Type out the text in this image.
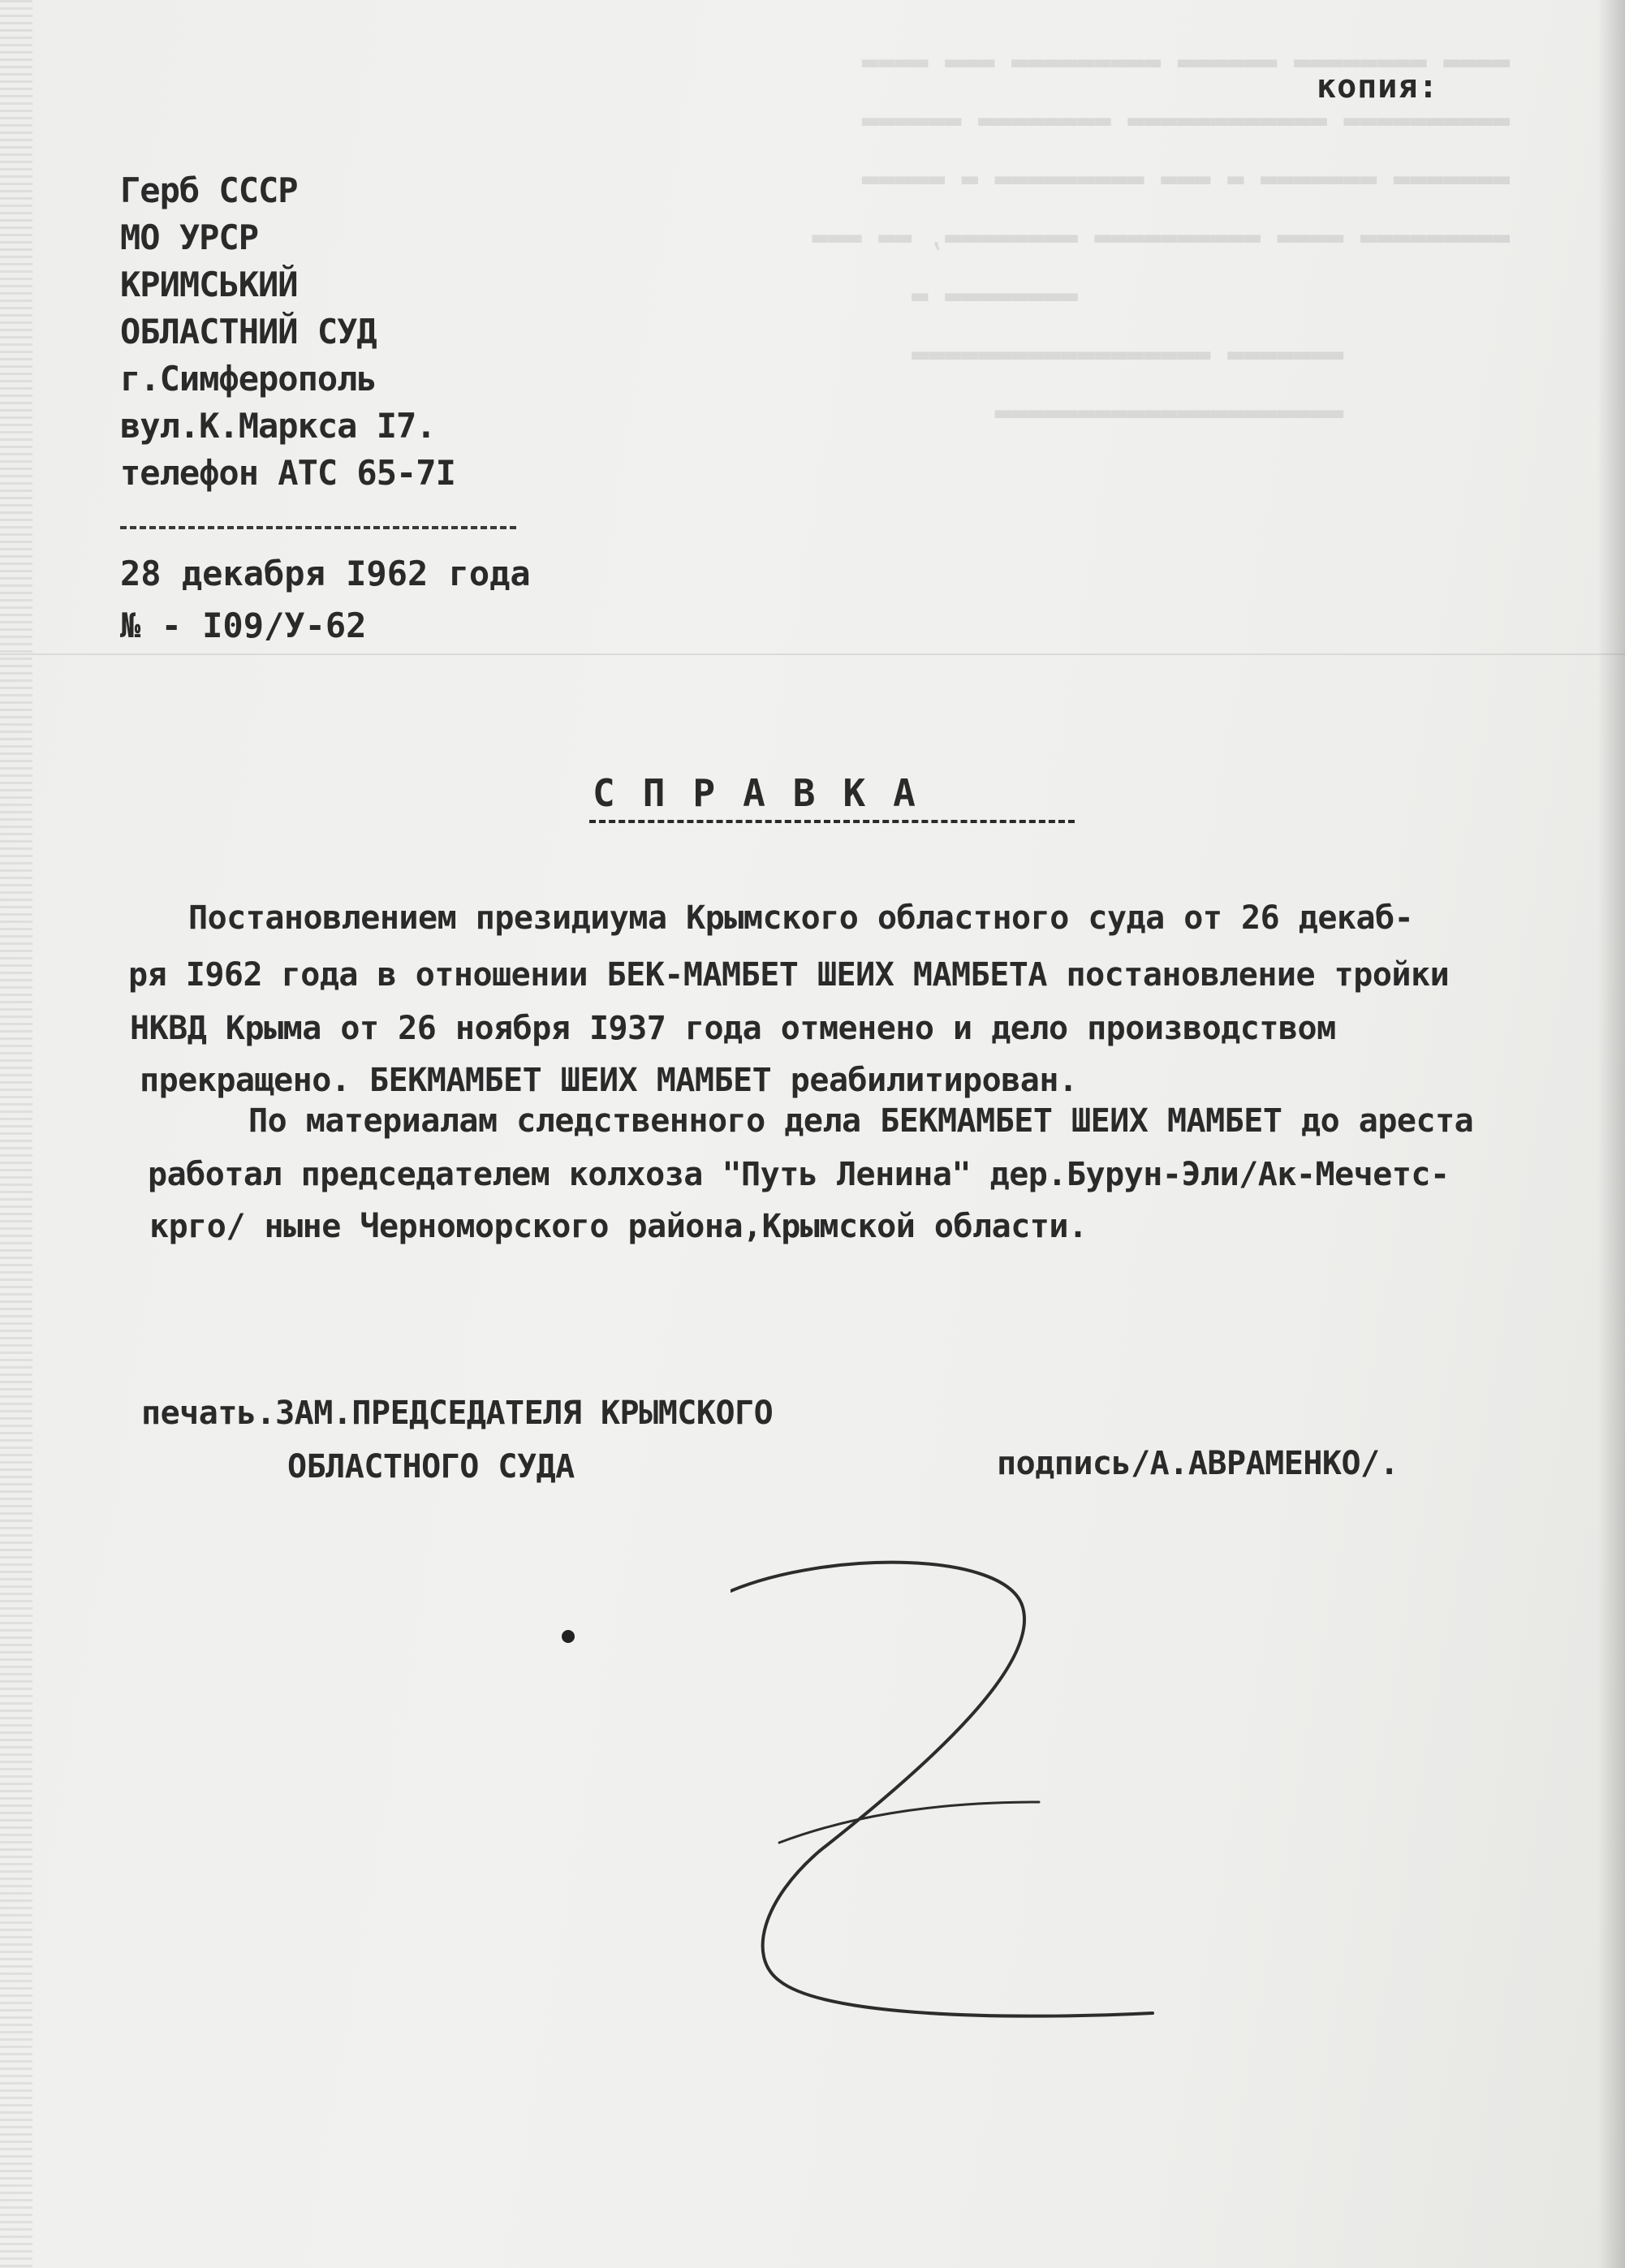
▬▬▬▬ ▬▬▬▬▬▬▬▬ ▬▬▬▬▬▬ ▬▬▬▬▬▬▬▬▬ ▬▬▬ ▬▬▬▬
▬▬▬▬▬▬▬▬▬▬ ▬▬▬▬▬▬▬▬▬▬▬▬ ▬▬▬▬▬▬▬▬ ▬▬▬▬▬▬
▬▬▬▬▬▬▬ ▬▬▬▬▬▬▬ ▬ ▬▬▬ ▬▬▬▬▬▬▬▬▬ ▬ ▬▬▬▬▬
▬▬▬▬▬▬▬▬▬ ▬▬▬▬ ▬▬▬▬▬▬▬▬▬▬ ▬▬▬▬▬▬▬▬, ▬▬ ▬▬▬
▬▬▬▬▬▬▬▬ ▬
▬▬▬▬▬▬▬ ▬▬▬▬▬▬▬▬▬▬▬▬▬▬▬▬▬▬
▬▬▬▬▬▬▬▬▬▬▬▬▬▬▬▬▬▬▬▬▬
копия:
Герб СССР
МО УРСР
КРИМСЬКИЙ
ОБЛАСТНИЙ СУД
г.Симферополь
вул.К.Маркса І7.
телефон АТС 65-7І
28 декабря І962 года
№ - І09/У-62
СПРАВКА
Постановлением президиума Крымского областного суда от 26 декаб-
ря І962 года в отношении БЕК-МАМБЕТ ШЕИХ МАМБЕТА постановление тройки
НКВД Крыма от 26 ноября І937 года отменено и дело производством
прекращено. БЕКМАМБЕТ ШЕИХ МАМБЕТ реабилитирован.
По материалам следственного дела БЕКМАМБЕТ ШЕИХ МАМБЕТ до ареста
работал председателем колхоза "Путь Ленина" дер.Бурун-Эли/Ак-Мечетс-
крго/ ныне Черноморского района,Крымской области.
печать.ЗАМ.ПРЕДСЕДАТЕЛЯ КРЫМСКОГО
ОБЛАСТНОГО СУДА	подпись/А.АВРАМЕНКО/.
